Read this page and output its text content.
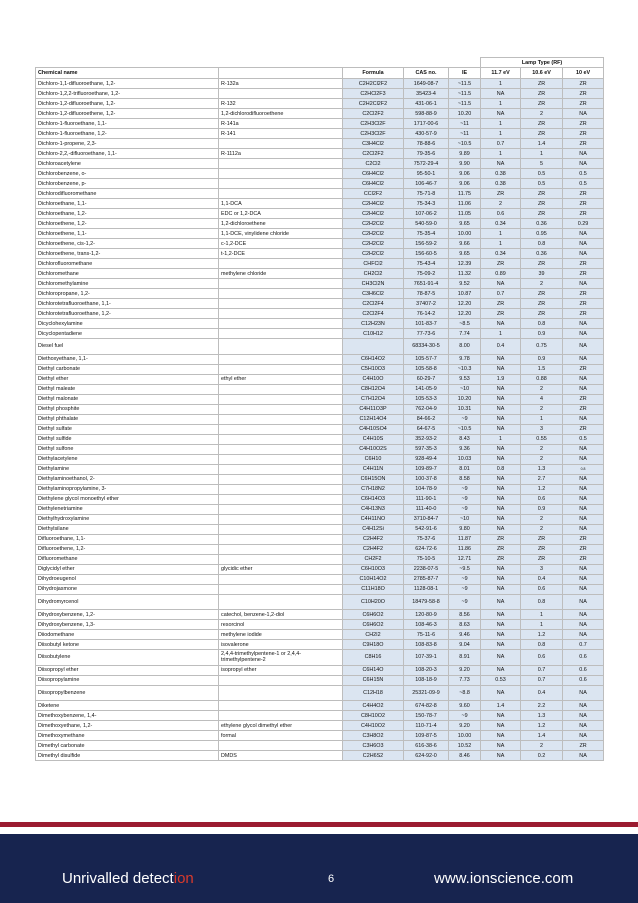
					Lamp Type (RF)		
Chemical name		Formula	CAS no.	IE	11.7 eV	10.6 eV	10 eV
Dichloro-1,1-difluoroethane, 1,2-	R-132a	C2H2Cl2F2	1649-08-7	~11.5	1	ZR	ZR
Dichloro-1,2,2-trifluoroethane, 1,2-		C2HCl2F3	35423-4	~11.5	NA	ZR	ZR
Dichloro-1,2-difluoroethane, 1,2-	R-132	C2H2Cl2F2	431-06-1	~11.5	1	ZR	ZR
Dichloro-1,2-difluoroethene, 1,2-	1,2-dichlorodifluoroethene	C2Cl2F2	598-88-9	10.20	NA	2	NA
Dichloro-1-fluoroethane, 1,1-	R-141a	C2H3Cl2F	1717-00-6	~11	1	ZR	ZR
Dichloro-1-fluoroethane, 1,2-	R-141	C2H3Cl2F	430-57-9	~11	1	ZR	ZR
Dichloro-1-propene, 2,3-		C3H4Cl2	78-88-6	~10.5	0.7	1.4	ZR
Dichloro-2,2,-difluoroethane, 1,1-	R-1112a	C2Cl2F2	79-35-6	9.89	1	1	NA
Dichloroacetylene		C2Cl2	7572-29-4	9.90	NA	5	NA
Dichlorobenzene, o-		C6H4Cl2	95-50-1	9.06	0.38	0.5	0.5
Dichlorobenzene, p-		C6H4Cl2	106-46-7	9.06	0.38	0.5	0.5
Dichlorodifluoromethane		CCl2F2	75-71-8	11.75	ZR	ZR	ZR
Dichloroethane, 1,1-	1,1-DCA	C2H4Cl2	75-34-3	11.06	2	ZR	ZR
Dichloroethane, 1,2-	EDC or 1,2-DCA	C2H4Cl2	107-06-2	11.05	0.6	ZR	ZR
Dichloroethene, 1,2-	1,2-dichloroethene	C2H2Cl2	540-59-0	9.65	0.34	0.36	0.29
Dichloroethene, 1,1-	1,1-DCE, vinylidene chloride	C2H2Cl2	75-35-4	10.00	1	0.95	NA
Dichloroethene, cis-1,2-	c-1,2-DCE	C2H2Cl2	156-59-2	9.66	1	0.8	NA
Dichloroethene, trans-1,2-	t-1,2-DCE	C2H2Cl2	156-60-5	9.65	0.34	0.36	NA
Dichlorofluoromethane		CHFCl2	75-43-4	12.39	ZR	ZR	ZR
Dichloromethane	methylene chloride	CH2Cl2	75-09-2	11.32	0.89	39	ZR
Dichloromethylamine		CH3Cl2N	7651-91-4	9.52	NA	2	NA
Dichloropropane, 1,2-		C3H6Cl2	78-87-5	10.87	0.7	ZR	ZR
Dichlorotetrafluoroethane, 1,1-		C2Cl2F4	37407-2	12.20	ZR	ZR	ZR
Dichlorotetrafluoroethane, 1,2-		C2Cl2F4	76-14-2	12.20	ZR	ZR	ZR
Dicyclohexylamine		C12H23N	101-83-7	~8.5	NA	0.8	NA
Dicyclopentadiene		C10H12	77-73-6	7.74	1	0.9	NA
Diesel fuel			68334-30-5	8.00	0.4	0.75	NA
Diethoxyethane, 1,1-		C6H14O2	105-57-7	9.78	NA	0.9	NA
Diethyl carbonate		C5H10O3	105-58-8	~10.3	NA	1.5	ZR
Diethyl ether	ethyl ether	C4H10O	60-29-7	9.53	1.9	0.88	NA
Diethyl maleate		C8H12O4	141-05-9	~10	NA	2	NA
Diethyl malonate		C7H12O4	105-53-3	10.20	NA	4	ZR
Diethyl phosphite		C4H11O3P	762-04-9	10.31	NA	2	ZR
Diethyl phthalate		C12H14O4	84-66-2	~9	NA	1	NA
Diethyl sulfate		C4H10SO4	64-67-5	~10.5	NA	3	ZR
Diethyl sulfide		C4H10S	352-93-2	8.43	1	0.55	0.5
Diethyl sulfone		C4H10O2S	597-35-3	9.36	NA	2	NA
Diethylacetylene		C6H10	928-49-4	10.03	NA	2	NA
Diethylamine		C4H11N	109-89-7	8.01	0.8	1.3	0.8
Diethylaminoethanol, 2-		C6H15ON	100-37-8	8.58	NA	2.7	NA
Diethylaminopropylamine, 3-		C7H18N2	104-78-9	~9	NA	1.2	NA
Diethylene glycol monoethyl ether		C6H14O3	111-90-1	~9	NA	0.6	NA
Diethylenetriamine		C4H13N3	111-40-0	~9	NA	0.9	NA
Diethylhydroxylamine		C4H11NO	3710-84-7	~10	NA	2	NA
Diethylsilane		C4H12Si	542-91-6	9.80	NA	2	NA
Difluoroethane, 1,1-		C2H4F2	75-37-6	11.87	ZR	ZR	ZR
Difluoroethene, 1,2-		C2H4F2	624-72-6	11.86	ZR	ZR	ZR
Difluoromethane		CH2F2	75-10-5	12.71	ZR	ZR	ZR
Diglycidyl ether	glycidic ether	C6H10O3	2238-07-5	~9.5	NA	3	NA
Dihydroeugenol		C10H14O2	2785-87-7	~9	NA	0.4	NA
Dihydrojasmone		C11H18O	1128-08-1	~9	NA	0.6	NA
Dihydromyrcenol		C10H20O	18479-58-8	~9	NA	0.8	NA
Dihydroxybenzene, 1,2-	catechol, benzene-1,2-diol	C6H6O2	120-80-9	8.56	NA	1	NA
Dihydroxybenzene, 1,3-	resorcinol	C6H6O2	108-46-3	8.63	NA	1	NA
Diiodomethane	methylene iodide	CH2I2	75-11-6	9.46	NA	1.2	NA
Diisobutyl ketone	isovalerone	C9H18O	108-83-8	9.04	NA	0.8	0.7
Diisobutylene	2,4,4-trimethylpentene-1 or 2,4,4-trimethylpentene-2	C8H16	107-39-1	8.91	NA	0.6	0.6
Diisopropyl ether	isopropyl ether	C6H14O	108-20-3	9.20	NA	0.7	0.6
Diisopropylamine		C6H15N	108-18-9	7.73	0.53	0.7	0.6
Diisopropylbenzene		C12H18	25321-09-9	~8.8	NA	0.4	NA
Diketene		C4H4O2	674-82-8	9.60	1.4	2.2	NA
Dimethoxybenzene, 1,4-		C8H10O2	150-78-7	~9	NA	1.3	NA
Dimethoxyethane, 1,2-	ethylene glycol dimethyl ether	C4H10O2	110-71-4	9.20	NA	1.2	NA
Dimethoxymethane	formal	C3H8O2	109-87-5	10.00	NA	1.4	NA
Dimethyl carbonate		C3H6O3	616-38-6	10.52	NA	2	ZR
Dimethyl disulfide	DMDS	C2H6S2	624-92-0	8.46	NA	0.2	NA
Unrivalled detection	6	www.ionscience.com
